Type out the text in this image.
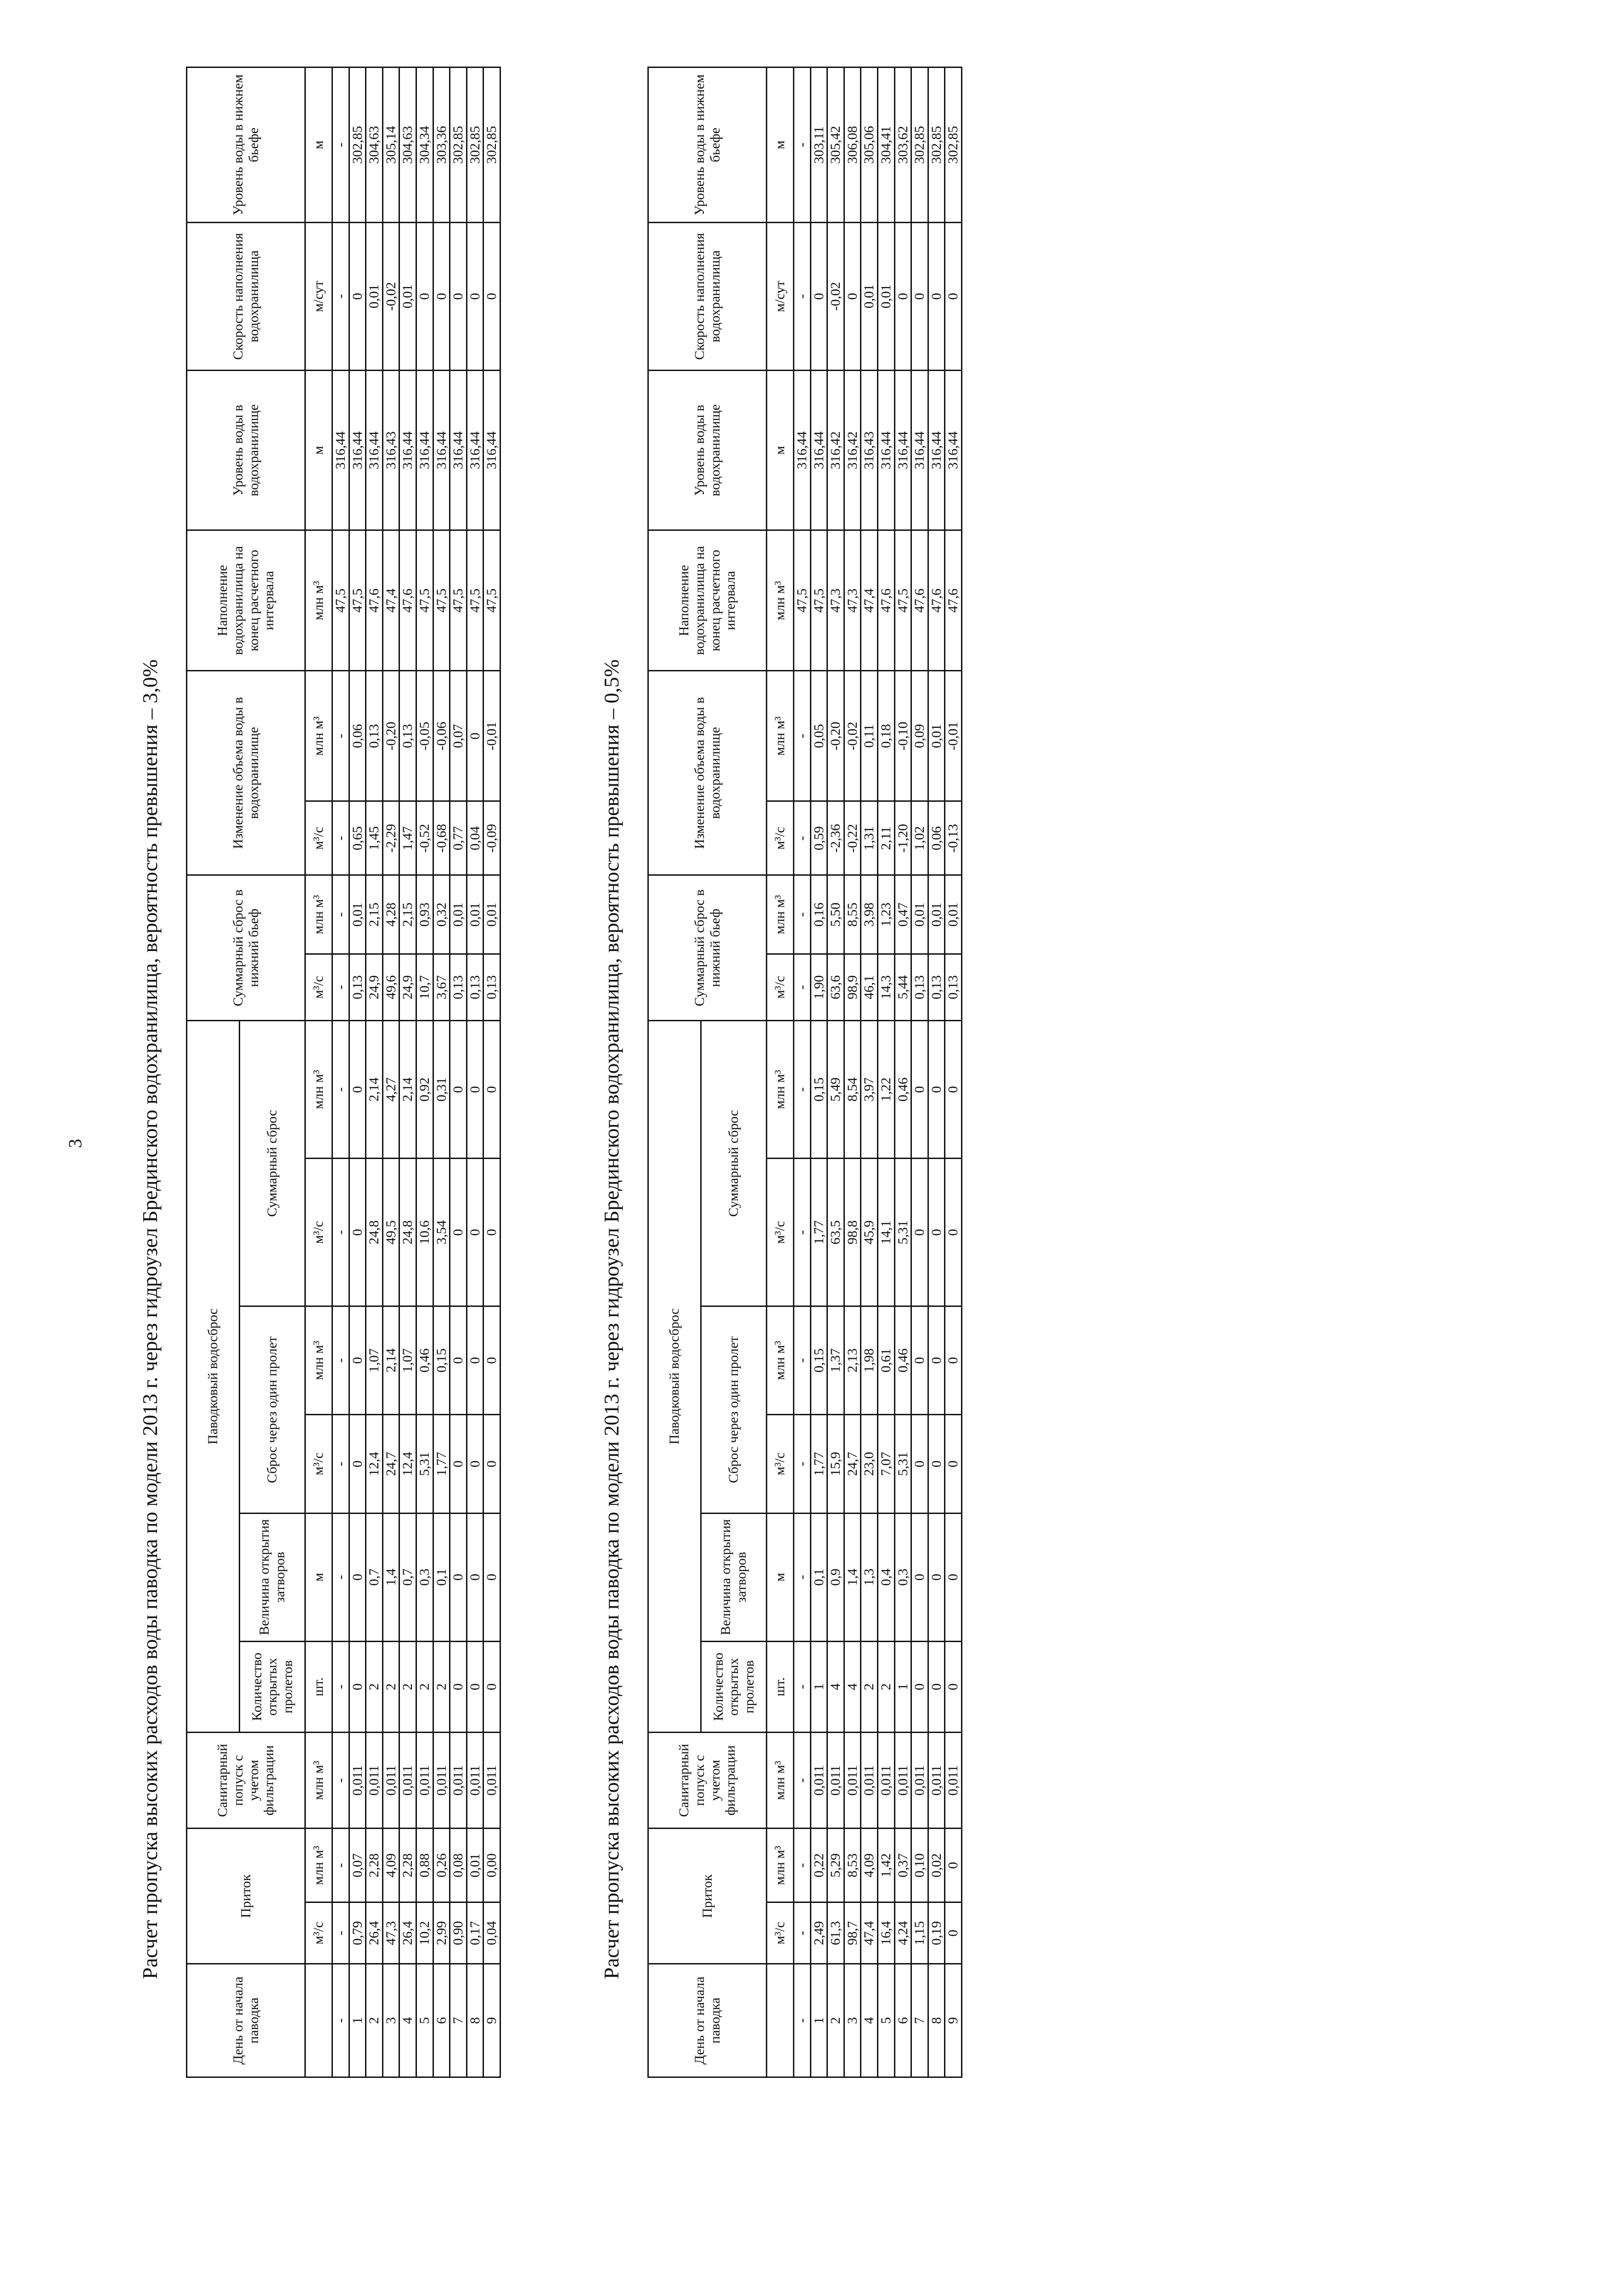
3	Расчет пропуска высоких расходов воды паводка по модели 2013 г. через гидроузел Брединского водохранилища, вероятность превышения – 3,0%	Расчет пропуска высоких расходов воды паводка по модели 2013 г. через гидроузел Брединского водохранилища, вероятность превышения – 0,5%
День от начала паводка	Приток		Санитарный попуск с учетом фильтрации	Паводковый водосброс						Суммарный сброс в нижний бьеф		Изменение объема воды в водохранилище		Наполнение водохранилища на конец расчетного интервала	Уровень воды в водохранилище	Скорость наполнения водохранилища	Уровень воды в нижнем бьефе
				Количество открытых пролетов	Величина открытия затворов	Сброс через один пролет		Суммарный сброс									

	м³/с	млн м³	млн м³	шт.	м	м³/с	млн м³	м³/с	млн м³	м³/с	млн м³	м³/с	млн м³	млн м³	м	м/сут	м
-	-	-	-	-	-	-	-	-	-	-	-	-	-	47,5	316,44	-	-
1	0,79	0,07	0,011	0	0	0	0	0	0	0,13	0,01	0,65	0,06	47,5	316,44	0	302,85
2	26,4	2,28	0,011	2	0,7	12,4	1,07	24,8	2,14	24,9	2,15	1,45	0,13	47,6	316,44	0,01	304,63
3	47,3	4,09	0,011	2	1,4	24,7	2,14	49,5	4,27	49,6	4,28	-2,29	-0,20	47,4	316,43	-0,02	305,14
4	26,4	2,28	0,011	2	0,7	12,4	1,07	24,8	2,14	24,9	2,15	1,47	0,13	47,6	316,44	0,01	304,63
5	10,2	0,88	0,011	2	0,3	5,31	0,46	10,6	0,92	10,7	0,93	-0,52	-0,05	47,5	316,44	0	304,34
6	2,99	0,26	0,011	2	0,1	1,77	0,15	3,54	0,31	3,67	0,32	-0,68	-0,06	47,5	316,44	0	303,36
7	0,90	0,08	0,011	0	0	0	0	0	0	0,13	0,01	0,77	0,07	47,5	316,44	0	302,85
8	0,17	0,01	0,011	0	0	0	0	0	0	0,13	0,01	0,04	0	47,5	316,44	0	302,85
9	0,04	0,00	0,011	0	0	0	0	0	0	0,13	0,01	-0,09	-0,01	47,5	316,44	0	302,85
День от начала паводка	Приток		Санитарный попуск с учетом фильтрации	Паводковый водосброс						Суммарный сброс в нижний бьеф		Изменение объема воды в водохранилище		Наполнение водохранилища на конец расчетного интервала	Уровень воды в водохранилище	Скорость наполнения водохранилища	Уровень воды в нижнем бьефе
				Количество открытых пролетов	Величина открытия затворов	Сброс через один пролет		Суммарный сброс									

	м³/с	млн м³	млн м³	шт.	м	м³/с	млн м³	м³/с	млн м³	м³/с	млн м³	м³/с	млн м³	млн м³	м	м/сут	м
-	-	-	-	-	-	-	-	-	-	-	-	-	-	47,5	316,44	-	-
1	2,49	0,22	0,011	1	0,1	1,77	0,15	1,77	0,15	1,90	0,16	0,59	0,05	47,5	316,44	0	303,11
2	61,3	5,29	0,011	4	0,9	15,9	1,37	63,5	5,49	63,6	5,50	-2,36	-0,20	47,3	316,42	-0,02	305,42
3	98,7	8,53	0,011	4	1,4	24,7	2,13	98,8	8,54	98,9	8,55	-0,22	-0,02	47,3	316,42	0	306,08
4	47,4	4,09	0,011	2	1,3	23,0	1,98	45,9	3,97	46,1	3,98	1,31	0,11	47,4	316,43	0,01	305,06
5	16,4	1,42	0,011	2	0,4	7,07	0,61	14,1	1,22	14,3	1,23	2,11	0,18	47,6	316,44	0,01	304,41
6	4,24	0,37	0,011	1	0,3	5,31	0,46	5,31	0,46	5,44	0,47	-1,20	-0,10	47,5	316,44	0	303,62
7	1,15	0,10	0,011	0	0	0	0	0	0	0,13	0,01	1,02	0,09	47,6	316,44	0	302,85
8	0,19	0,02	0,011	0	0	0	0	0	0	0,13	0,01	0,06	0,01	47,6	316,44	0	302,85
9	0	0	0,011	0	0	0	0	0	0	0,13	0,01	-0,13	-0,01	47,6	316,44	0	302,85
